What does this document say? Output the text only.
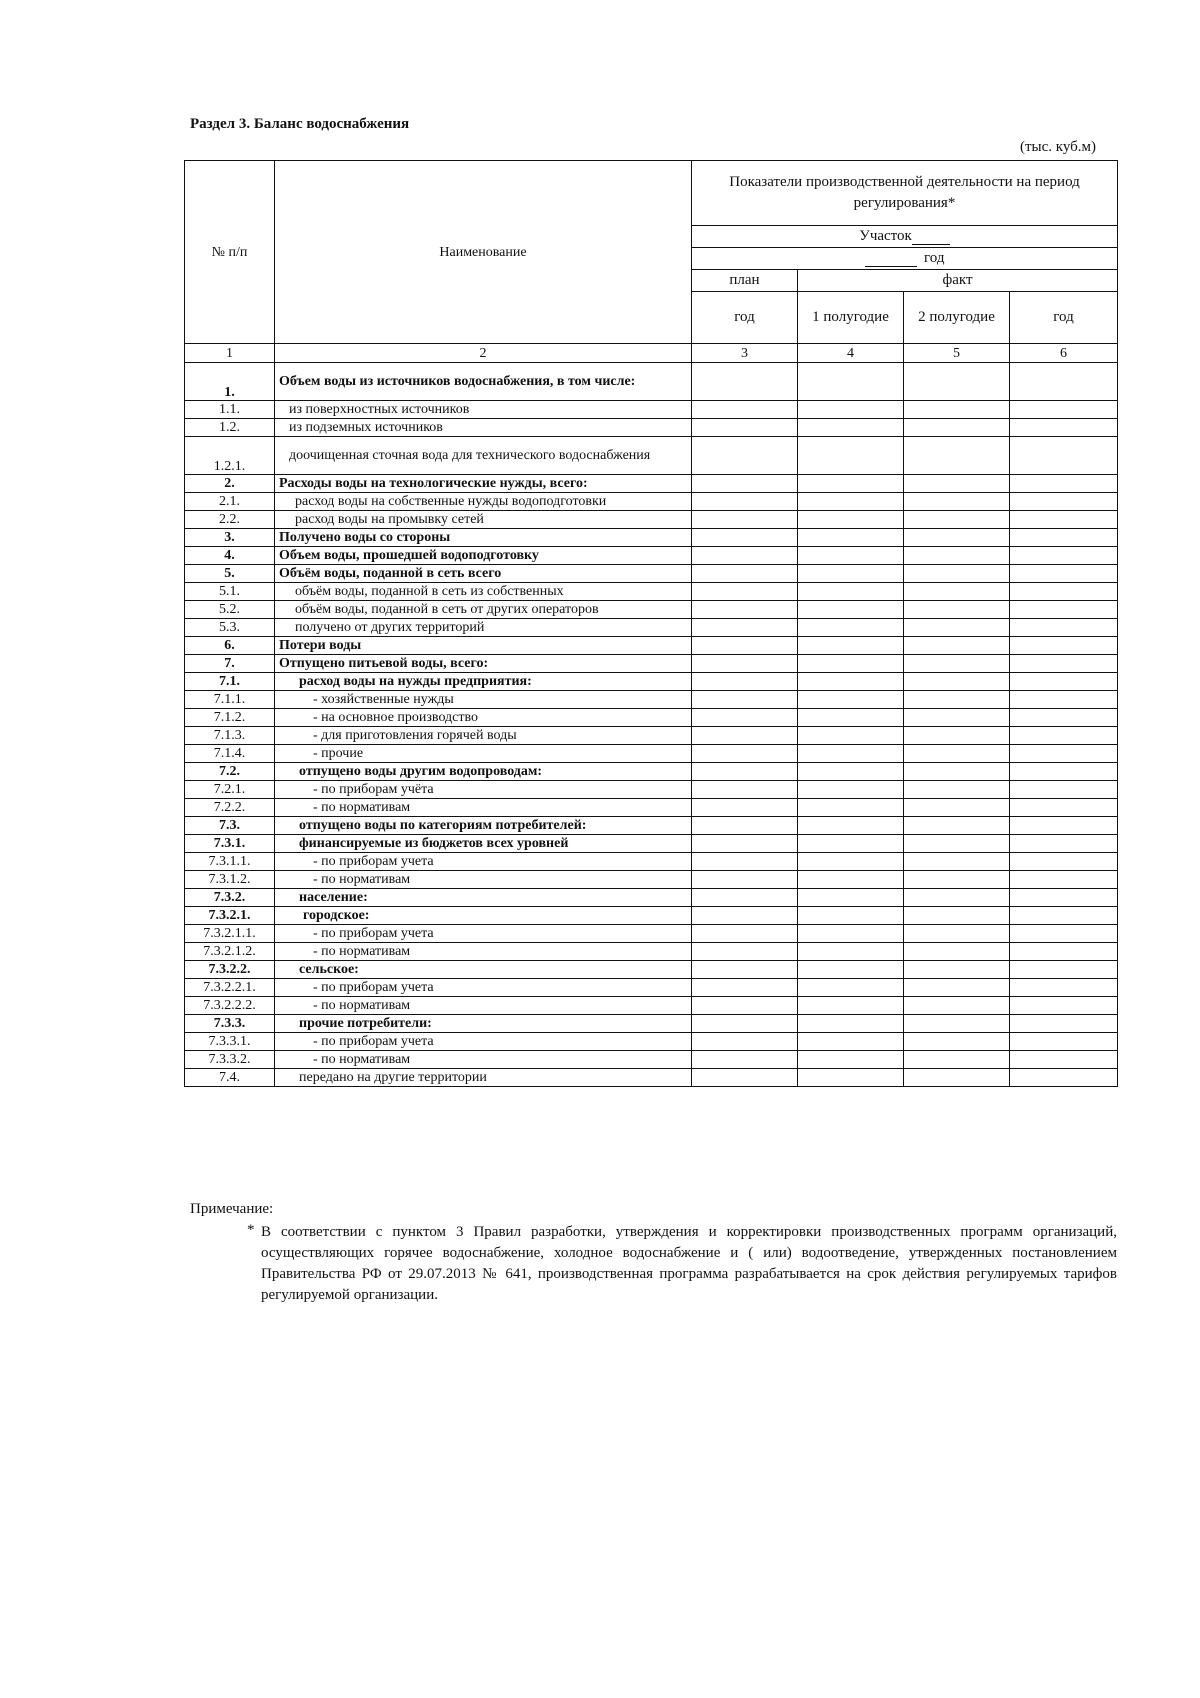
Раздел 3. Баланс водоснабжения
(тыс. куб.м)
№ п/п	Наименование	Показатели производственной деятельности на период регулирования*			
		Участок			
		год			
		план	факт		
		год	1 полугодие	2 полугодие	год
1	2	3	4	5	6
1.	Объем воды из источников водоснабжения, в том числе:				
1.1.	из поверхностных источников				
1.2.	из подземных источников				
1.2.1.	доочищенная сточная вода для технического водоснабжения				
2.	Расходы воды на технологические нужды, всего:				
2.1.	расход воды на собственные нужды водоподготовки				
2.2.	расход воды на промывку сетей				
3.	Получено воды со стороны				
4.	Объем воды, прошедшей водоподготовку				
5.	Объём воды, поданной в сеть всего				
5.1.	объём воды, поданной в сеть из собственных				
5.2.	объём воды, поданной в сеть от других операторов				
5.3.	получено от других территорий				
6.	Потери воды				
7.	Отпущено питьевой воды, всего:				
7.1.	расход воды на нужды предприятия:				
7.1.1.	- хозяйственные нужды				
7.1.2.	- на основное производство				
7.1.3.	- для приготовления горячей воды				
7.1.4.	- прочие				
7.2.	отпущено воды другим водопроводам:				
7.2.1.	- по приборам учёта				
7.2.2.	- по нормативам				
7.3.	отпущено воды по категориям потребителей:				
7.3.1.	финансируемые из бюджетов всех уровней				
7.3.1.1.	- по приборам учета				
7.3.1.2.	- по нормативам				
7.3.2.	население:				
7.3.2.1.	городское:				
7.3.2.1.1.	- по приборам учета				
7.3.2.1.2.	- по нормативам				
7.3.2.2.	сельское:				
7.3.2.2.1.	- по приборам учета				
7.3.2.2.2.	- по нормативам				
7.3.3.	прочие потребители:				
7.3.3.1.	- по приборам учета				
7.3.3.2.	- по нормативам				
7.4.	передано на другие территории				
Примечание:
* В соответствии с пунктом 3 Правил разработки, утверждения и корректировки производственных программ организаций, осуществляющих горячее водоснабжение, холодное водоснабжение и ( или) водоотведение, утвержденных постановлением Правительства РФ от 29.07.2013 № 641, производственная программа разрабатывается на срок действия регулируемых тарифов регулируемой организации.
